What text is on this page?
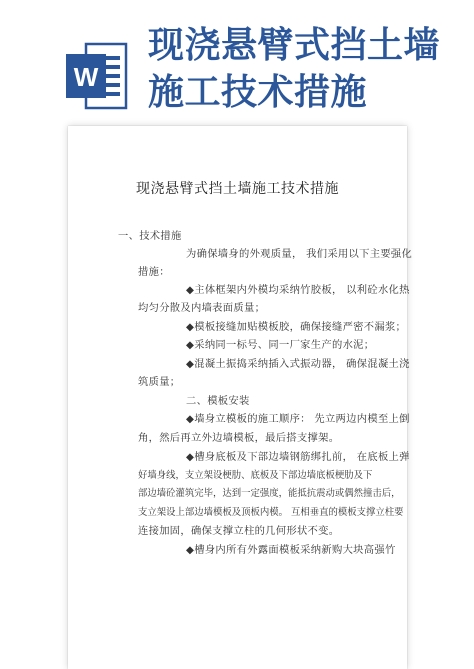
W
现浇悬臂式挡土墙
施工技术措施
现浇悬臂式挡土墙施工技术措施
一、技术措施
为确保墙身的外观质量， 我们采用以下主要强化
措施：
◆主体框架内外模均采纳竹胶板， 以利砼水化热
均匀分散及内墙表面质量；
◆模板接缝加贴模板胶，确保接缝严密不漏浆；
◆采纳同一标号、同一厂家生产的水泥；
◆混凝土振捣采纳插入式振动器， 确保混凝土浇
筑质量；
二、模板安装
◆墙身立模板的施工顺序： 先立两边内模至上倒
角，然后再立外边墙模板，最后搭支撑架。
◆槽身底板及下部边墙钢筋绑扎前， 在底板上弹
好墙身线，支立架设梗肋、底板及下部边墙底板梗肋及下
部边墙砼灌筑完毕，达到一定强度，能抵抗震动或偶然撞击后，
支立架设上部边墙模板及顶板内模。 互相垂直的模板支撑立柱要
连接加固，确保支撑立柱的几何形状不变。
◆槽身内所有外露面模板采纳新购大块高强竹
